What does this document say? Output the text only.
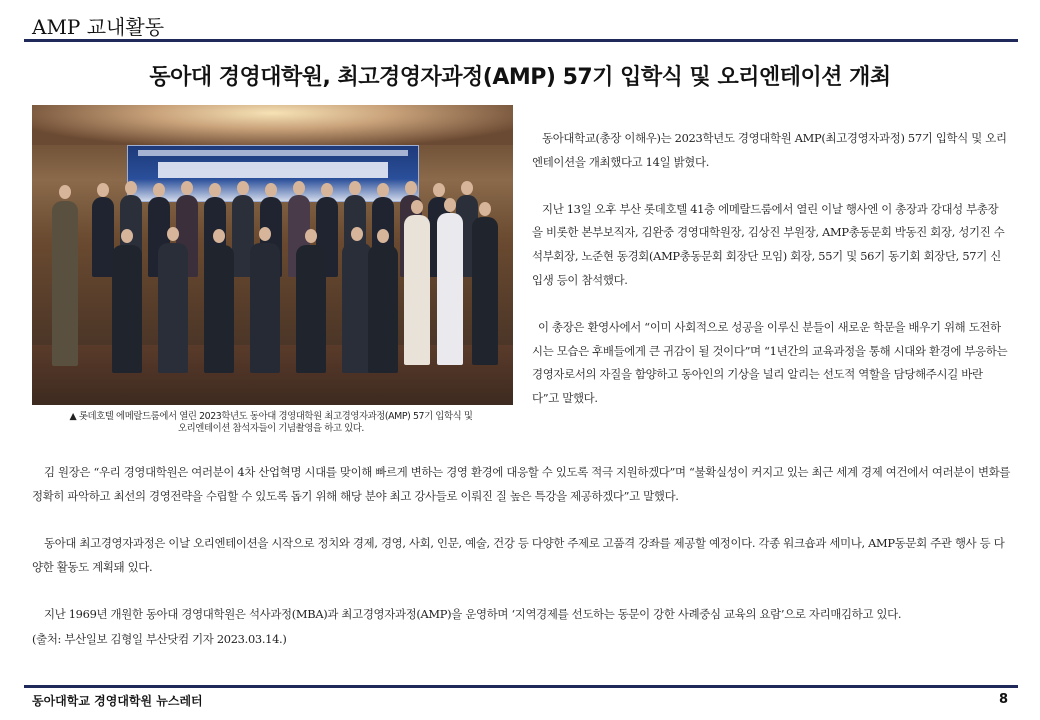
AMP 교내활동
동아대 경영대학원, 최고경영자과정(AMP) 57기 입학식 및 오리엔테이션 개최
▲ 롯데호텔 에메랄드룸에서 열린 2023학년도 동아대 경영대학원 최고경영자과정(AMP) 57기 입학식 및
오리엔테이션 참석자들이 기념촬영을 하고 있다.

동아대학교(총장 이해우)는 2023학년도 경영대학원 AMP(최고경영자과정) 57기 입학식 및 오리엔테이션을 개최했다고 14일 밝혔다.

지난 13일 오후 부산 롯데호텔 41층 에메랄드룸에서 열린 이날 행사엔 이 총장과 강대성 부총장을 비롯한 본부보직자, 김완중 경영대학원장, 김상진 부원장, AMP총동문회 박동진 회장, 성기진 수석부회장, 노준현 동경회(AMP총동문회 회장단 모임) 회장, 55기 및 56기 동기회 회장단, 57기 신입생 등이 참석했다.

이 총장은 환영사에서 “이미 사회적으로 성공을 이루신 분들이 새로운 학문을 배우기 위해 도전하시는 모습은 후배들에게 큰 귀감이 될 것이다”며 “1년간의 교육과정을 통해 시대와 환경에 부응하는 경영자로서의 자질을 함양하고 동아인의 기상을 널리 알리는 선도적 역할을 담당해주시길 바란다”고 말했다.

김 원장은 “우리 경영대학원은 여러분이 4차 산업혁명 시대를 맞이해 빠르게 변하는 경영 환경에 대응할 수 있도록 적극 지원하겠다”며 “불확실성이 커지고 있는 최근 세계 경제 여건에서 여러분이 변화를 정확히 파악하고 최선의 경영전략을 수립할 수 있도록 돕기 위해 해당 분야 최고 강사들로 이뤄진 질 높은 특강을 제공하겠다”고 말했다.

동아대 최고경영자과정은 이날 오리엔테이션을 시작으로 정치와 경제, 경영, 사회, 인문, 예술, 건강 등 다양한 주제로 고품격 강좌를 제공할 예정이다. 각종 워크숍과 세미나, AMP동문회 주관 행사 등 다양한 활동도 계획돼 있다.

지난 1969년 개원한 동아대 경영대학원은 석사과정(MBA)과 최고경영자과정(AMP)을 운영하며 ‘지역경제를 선도하는 동문이 강한 사례중심 교육의 요람’으로 자리매김하고 있다.

(출처: 부산일보 김형일 부산닷컴 기자 2023.03.14.)

동아대학교 경영대학원 뉴스레터	8
